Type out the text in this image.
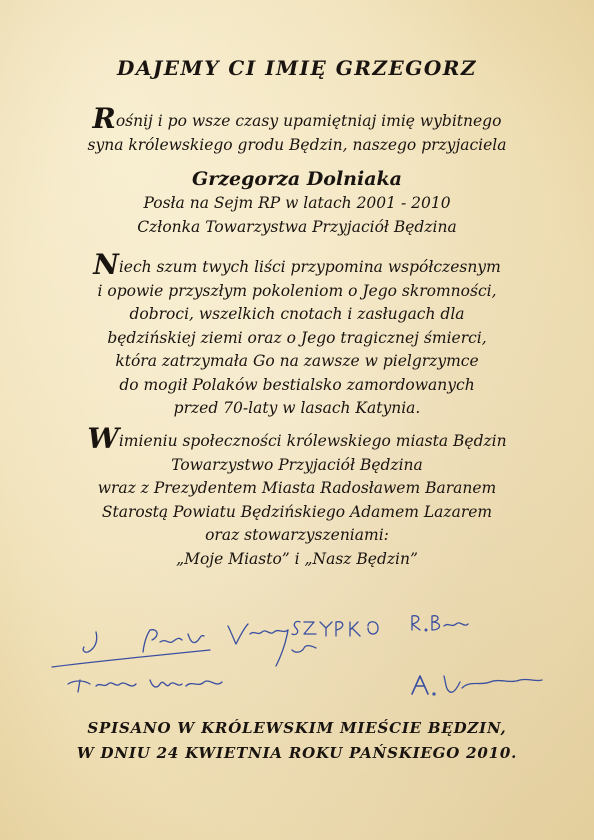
DAJEMY CI IMIĘ GRZEGORZ
Rośnij i po wsze czasy upamiętniaj imię wybitnego
syna królewskiego grodu Będzin, naszego przyjaciela
Grzegorza Dolniaka
Posła na Sejm RP w latach 2001 - 2010
Członka Towarzystwa Przyjaciół Będzina
Niech szum twych liści przypomina współczesnym
i opowie przyszłym pokoleniom o Jego skromności,
dobroci, wszelkich cnotach i zasługach dla
będzińskiej ziemi oraz o Jego tragicznej śmierci,
która zatrzymała Go na zawsze w pielgrzymce
do mogił Polaków bestialsko zamordowanych
przed 70-laty w lasach Katynia.
Wimieniu społeczności królewskiego miasta Będzin
Towarzystwo Przyjaciół Będzina
wraz z Prezydentem Miasta Radosławem Baranem
Starostą Powiatu Będzińskiego Adamem Lazarem
oraz stowarzyszeniami:
„Moje Miasto” i „Nasz Będzin”
SPISANO W KRÓLEWSKIM MIEŚCIE BĘDZIN,
W DNIU 24 KWIETNIA ROKU PAŃSKIEGO 2010.
